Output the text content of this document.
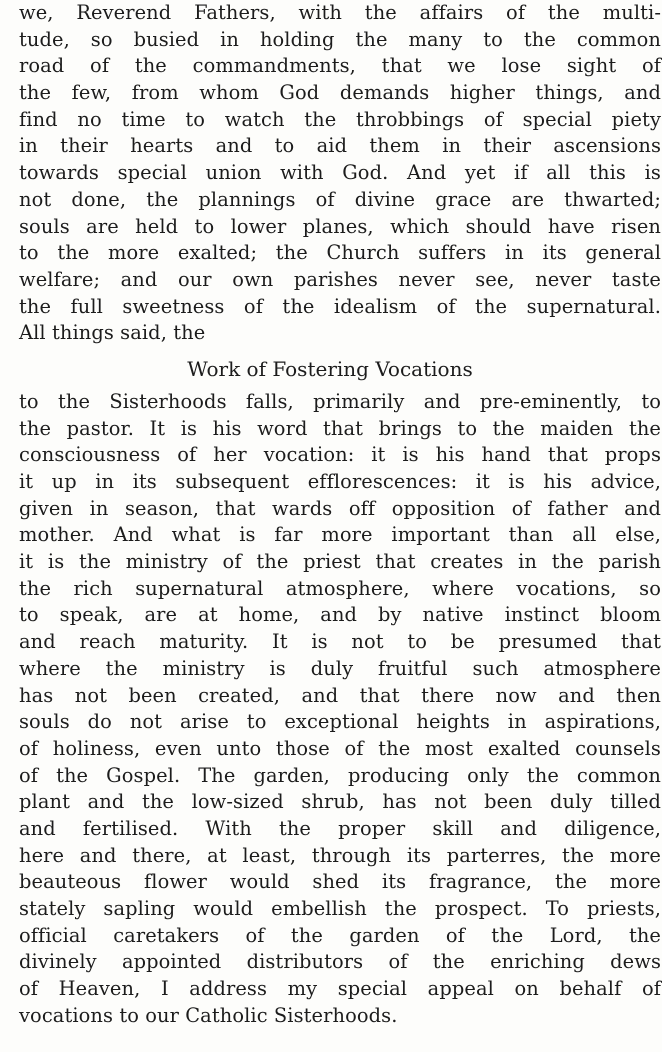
we, Reverend Fathers, with the affairs of the multi-
tude, so busied in holding the many to the common
road of the commandments, that we lose sight of
the few, from whom God demands higher things, and
find no time to watch the throbbings of special piety
in their hearts and to aid them in their ascensions
towards special union with God. And yet if all this is
not done, the plannings of divine grace are thwarted;
souls are held to lower planes, which should have risen
to the more exalted; the Church suffers in its general
welfare; and our own parishes never see, never taste
the full sweetness of the idealism of the supernatural.
All things said, the
Work of Fostering Vocations
to the Sisterhoods falls, primarily and pre-eminently, to
the pastor. It is his word that brings to the maiden the
consciousness of her vocation: it is his hand that props
it up in its subsequent efflorescences: it is his advice,
given in season, that wards off opposition of father and
mother. And what is far more important than all else,
it is the ministry of the priest that creates in the parish
the rich supernatural atmosphere, where vocations, so
to speak, are at home, and by native instinct bloom
and reach maturity. It is not to be presumed that
where the ministry is duly fruitful such atmosphere
has not been created, and that there now and then
souls do not arise to exceptional heights in aspirations,
of holiness, even unto those of the most exalted counsels
of the Gospel. The garden, producing only the common
plant and the low-sized shrub, has not been duly tilled
and fertilised. With the proper skill and diligence,
here and there, at least, through its parterres, the more
beauteous flower would shed its fragrance, the more
stately sapling would embellish the prospect. To priests,
official caretakers of the garden of the Lord, the
divinely appointed distributors of the enriching dews
of Heaven, I address my special appeal on behalf of
vocations to our Catholic Sisterhoods.
